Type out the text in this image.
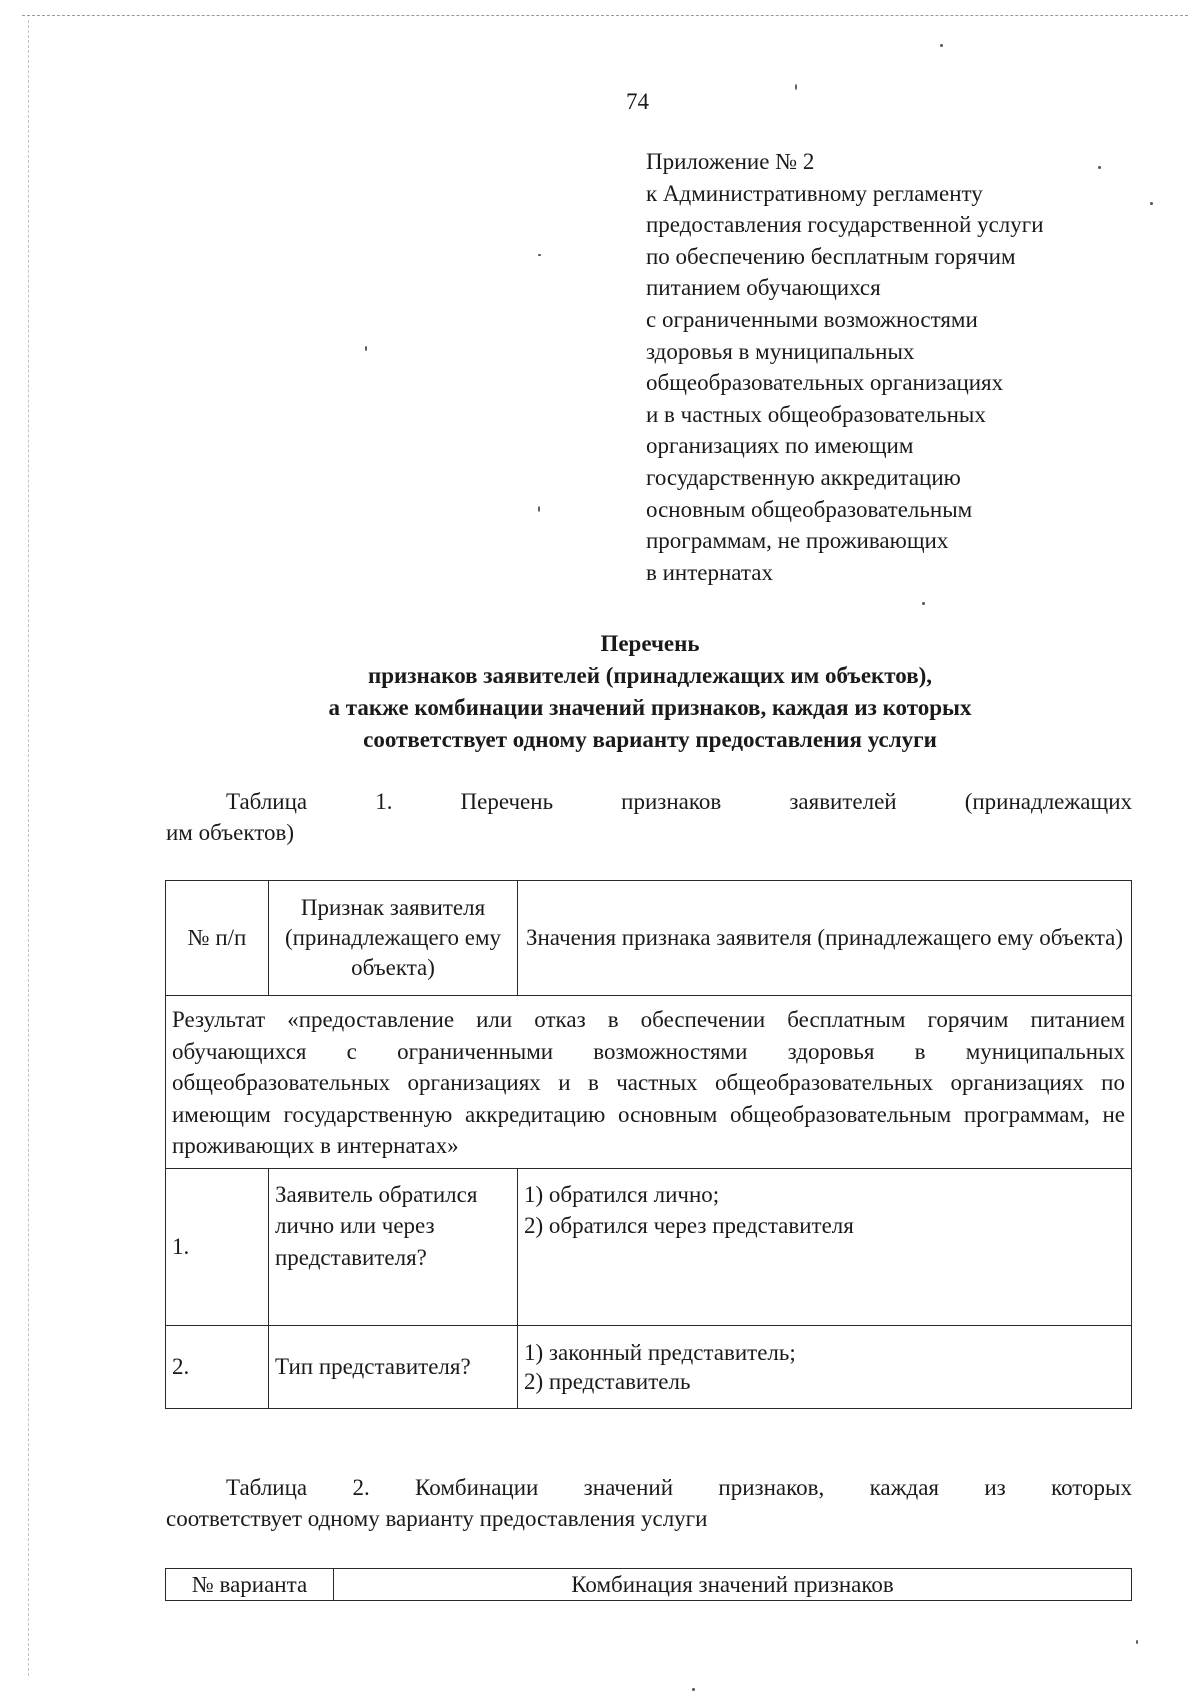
74
Приложение № 2
к Административному регламенту
предоставления государственной услуги
по обеспечению бесплатным горячим
питанием обучающихся
с ограниченными возможностями
здоровья в муниципальных
общеобразовательных организациях
и в частных общеобразовательных
организациях по имеющим
государственную аккредитацию
основным общеобразовательным
программам, не проживающих
в интернатах
Перечень
признаков заявителей (принадлежащих им объектов),
а также комбинации значений признаков, каждая из которых
соответствует одному варианту предоставления услуги
Таблица 1. Перечень признаков заявителей (принадлежащих
им объектов)
№ п/п	Признак заявителя (принадлежащего ему объекта)	Значения признака заявителя (принадлежащего ему объекта)
Результат «предоставление или отказ в обеспечении бесплатным горячим питанием обучающихся с ограниченными возможностями здоровья в муниципальных общеобразовательных организациях и в частных общеобразовательных организациях по имеющим государственную аккредитацию основным общеобразовательным программам, не проживающих в интернатах»		
1.	Заявитель обратился лично или через представителя?	1) обратился лично;
2) обратился через представителя

2.	Тип представителя?	1) законный представитель;
2) представитель
Таблица 2. Комбинации значений признаков, каждая из которых
соответствует одному варианту предоставления услуги
№ варианта	Комбинация значений признаков
